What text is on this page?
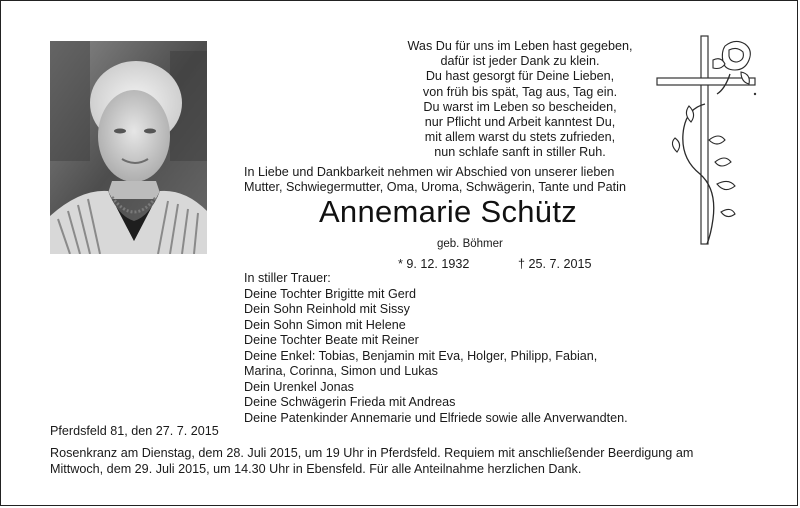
Was Du für uns im Leben hast gegeben,
dafür ist jeder Dank zu klein.
Du hast gesorgt für Deine Lieben,
von früh bis spät, Tag aus, Tag ein.
Du warst im Leben so bescheiden,
nur Pflicht und Arbeit kanntest Du,
mit allem warst du stets zufrieden,
nun schlafe sanft in stiller Ruh.
In Liebe und Dankbarkeit nehmen wir Abschied von unserer lieben
Mutter, Schwiegermutter, Oma, Uroma, Schwägerin, Tante und Patin
Annemarie Schütz
geb. Böhmer
* 9. 12. 1932	† 25. 7. 2015
In stiller Trauer:
Deine Tochter Brigitte mit Gerd
Dein Sohn Reinhold mit Sissy
Dein Sohn Simon mit Helene
Deine Tochter Beate mit Reiner
Deine Enkel: Tobias, Benjamin mit Eva, Holger, Philipp, Fabian,
Marina, Corinna, Simon und Lukas
Dein Urenkel Jonas
Deine Schwägerin Frieda mit Andreas
Deine Patenkinder Annemarie und Elfriede sowie alle Anverwandten.
Pferdsfeld 81, den 27. 7. 2015
Rosenkranz am Dienstag, dem 28. Juli 2015, um 19 Uhr in Pferdsfeld. Requiem mit anschließender Beerdigung am
Mittwoch, dem 29. Juli 2015, um 14.30 Uhr in Ebensfeld. Für alle Anteilnahme herzlichen Dank.
